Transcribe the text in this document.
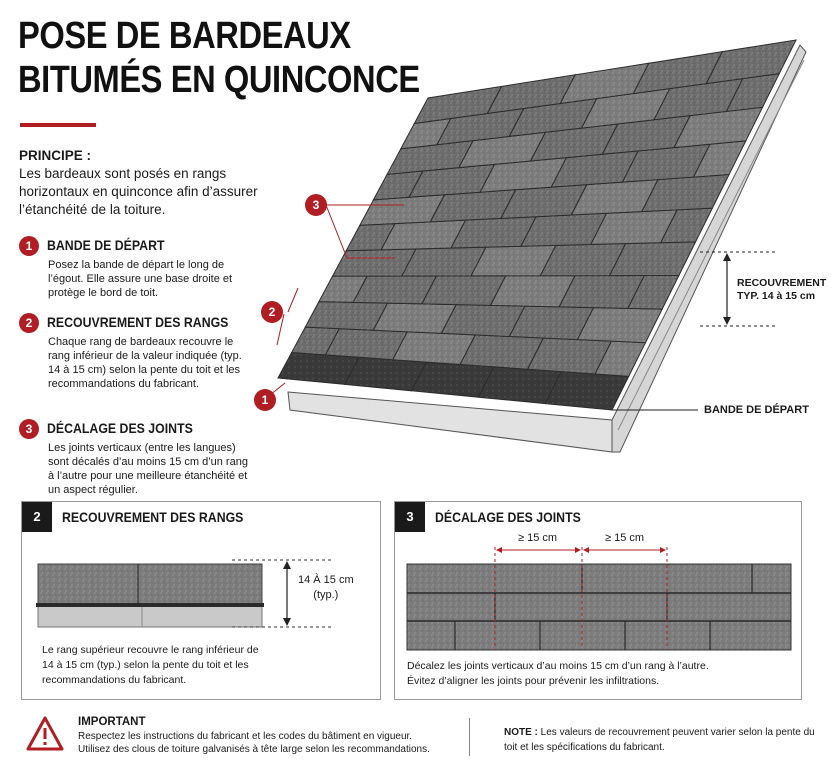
POSE DE BARDEAUX BITUMÉS EN QUINCONCE
PRINCIPE :
Les bardeaux sont posés en rangs horizontaux en quinconce afin d’assurer l’étanchéité de la toiture.
1	BANDE DE DÉPART
Posez la bande de départ le long de l’égout. Elle assure une base droite et protège le bord de toit.
2	RECOUVREMENT DES RANGS
Chaque rang de bardeaux recouvre le rang inférieur de la valeur indiquée (typ. 14 à 15 cm) selon la pente du toit et les recommandations du fabricant.
3	DÉCALAGE DES JOINTS
Les joints verticaux (entre les langues) sont décalés d’au moins 15 cm d’un rang à l’autre pour une meilleure étanchéité et un aspect régulier.
3
2
1
RECOUVREMENT
TYP. 14 à 15 cm
BANDE DE DÉPART
2	RECOUVREMENT DES RANGS
14 À 15 cm
(typ.)
Le rang supérieur recouvre le rang inférieur de 14 à 15 cm (typ.) selon la pente du toit et les recommandations du fabricant.
3	DÉCALAGE DES JOINTS
≥ 15 cm	≥ 15 cm
Décalez les joints verticaux d’au moins 15 cm d’un rang à l’autre.
Évitez d’aligner les joints pour prévenir les infiltrations.
IMPORTANT
Respectez les instructions du fabricant et les codes du bâtiment en vigueur.
Utilisez des clous de toiture galvanisés à tête large selon les recommandations.
NOTE : Les valeurs de recouvrement peuvent varier selon la pente du toit et les spécifications du fabricant.
